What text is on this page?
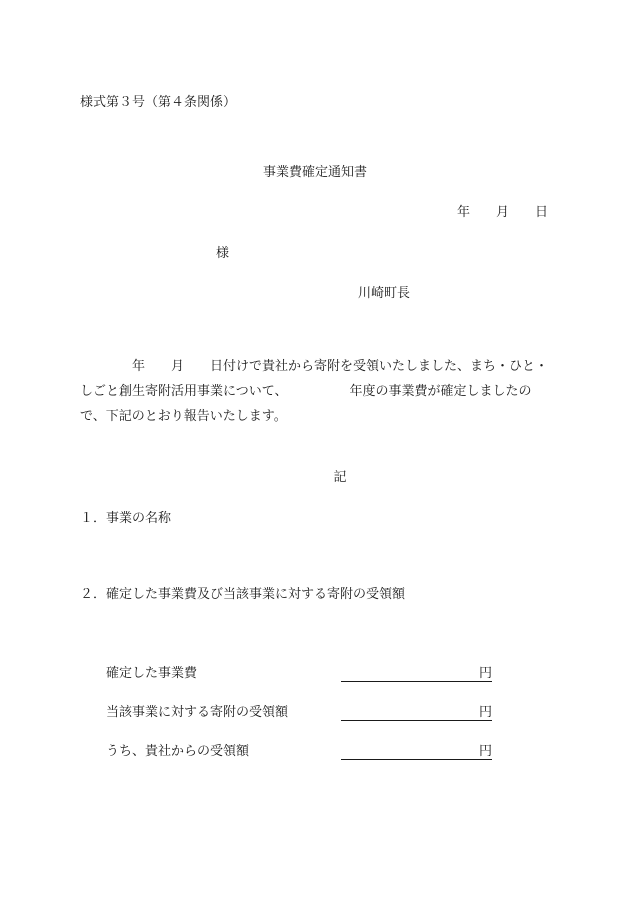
様式第３号（第４条関係）
事業費確定通知書
年 月 日
様
川崎町長
年 月 日付けで貴社から寄附を受領いたしました、まち・ひと・しごと創生寄附活用事業について、	年度の事業費が確定しましたので、下記のとおり報告いたします。
記
１．事業の名称
２．確定した事業費及び当該事業に対する寄附の受領額
確定した事業費	円
当該事業に対する寄附の受領額	円
うち、貴社からの受領額	円
